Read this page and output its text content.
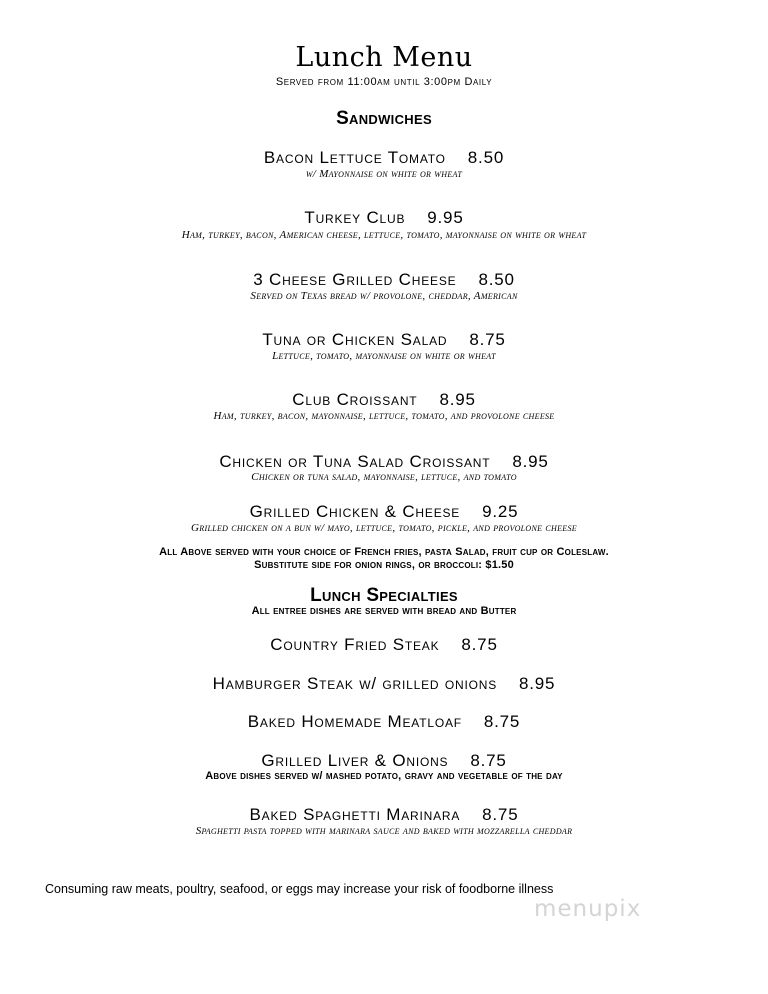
Lunch Menu
Served from 11:00am until 3:00pm Daily
Sandwiches
Bacon Lettuce Tomato 8.50
w/ Mayonnaise on white or wheat
Turkey Club 9.95
Ham, turkey, bacon, American cheese, lettuce, tomato, mayonnaise on white or wheat
3 Cheese Grilled Cheese 8.50
Served on Texas bread w/ provolone, cheddar, American
Tuna or Chicken Salad 8.75
Lettuce, tomato, mayonnaise on white or wheat
Club Croissant 8.95
Ham, turkey, bacon, mayonnaise, lettuce, tomato, and provolone cheese
Chicken or Tuna Salad Croissant 8.95
Chicken or tuna salad, mayonnaise, lettuce, and tomato
Grilled Chicken & Cheese 9.25
Grilled chicken on a bun w/ mayo, lettuce, tomato, pickle, and provolone cheese
All Above served with your choice of French fries, pasta Salad, fruit cup or Coleslaw.
Substitute side for onion rings, or broccoli: $1.50
Lunch Specialties
All entree dishes are served with bread and Butter
Country Fried Steak 8.75
Hamburger Steak w/ grilled onions 8.95
Baked Homemade Meatloaf 8.75
Grilled Liver & Onions 8.75
Above dishes served w/ mashed potato, gravy and vegetable of the day
Baked Spaghetti Marinara 8.75
Spaghetti pasta topped with marinara sauce and baked with mozzarella cheddar
Consuming raw meats, poultry, seafood, or eggs may increase your risk of foodborne illness
menupix
